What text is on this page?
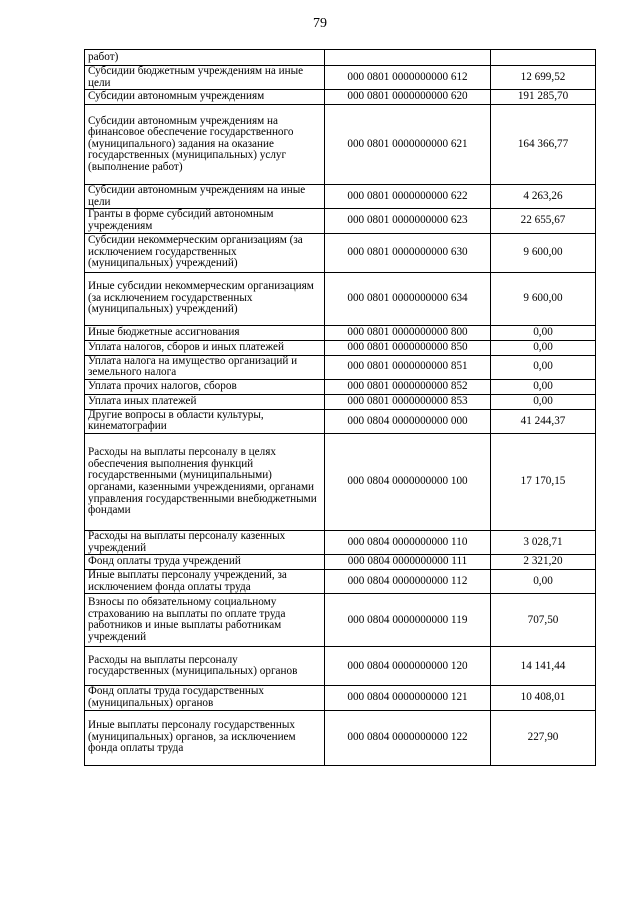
79
работ)		
Субсидии бюджетным учреждениям на иные цели	000 0801 0000000000 612	12 699,52
Субсидии автономным учреждениям	000 0801 0000000000 620	191 285,70
Субсидии автономным учреждениям на финансовое обеспечение государственного (муниципального) задания на оказание государственных (муниципальных) услуг (выполнение работ)	000 0801 0000000000 621	164 366,77
Субсидии автономным учреждениям на иные цели	000 0801 0000000000 622	4 263,26
Гранты в форме субсидий автономным учреждениям	000 0801 0000000000 623	22 655,67
Субсидии некоммерческим организациям (за исключением государственных (муниципальных) учреждений)	000 0801 0000000000 630	9 600,00
Иные субсидии некоммерческим организациям (за исключением государственных (муниципальных) учреждений)	000 0801 0000000000 634	9 600,00
Иные бюджетные ассигнования	000 0801 0000000000 800	0,00
Уплата налогов, сборов и иных платежей	000 0801 0000000000 850	0,00
Уплата налога на имущество организаций и земельного налога	000 0801 0000000000 851	0,00
Уплата прочих налогов, сборов	000 0801 0000000000 852	0,00
Уплата иных платежей	000 0801 0000000000 853	0,00
Другие вопросы в области культуры, кинематографии	000 0804 0000000000 000	41 244,37
Расходы на выплаты персоналу в целях обеспечения выполнения функций государственными (муниципальными) органами, казенными учреждениями, органами управления государственными внебюджетными фондами	000 0804 0000000000 100	17 170,15
Расходы на выплаты персоналу казенных учреждений	000 0804 0000000000 110	3 028,71
Фонд оплаты труда учреждений	000 0804 0000000000 111	2 321,20
Иные выплаты персоналу учреждений, за исключением фонда оплаты труда	000 0804 0000000000 112	0,00
Взносы по обязательному социальному страхованию на выплаты по оплате труда работников и иные выплаты работникам учреждений	000 0804 0000000000 119	707,50
Расходы на выплаты персоналу государственных (муниципальных) органов	000 0804 0000000000 120	14 141,44
Фонд оплаты труда государственных (муниципальных) органов	000 0804 0000000000 121	10 408,01
Иные выплаты персоналу государственных (муниципальных) органов, за исключением фонда оплаты труда	000 0804 0000000000 122	227,90
